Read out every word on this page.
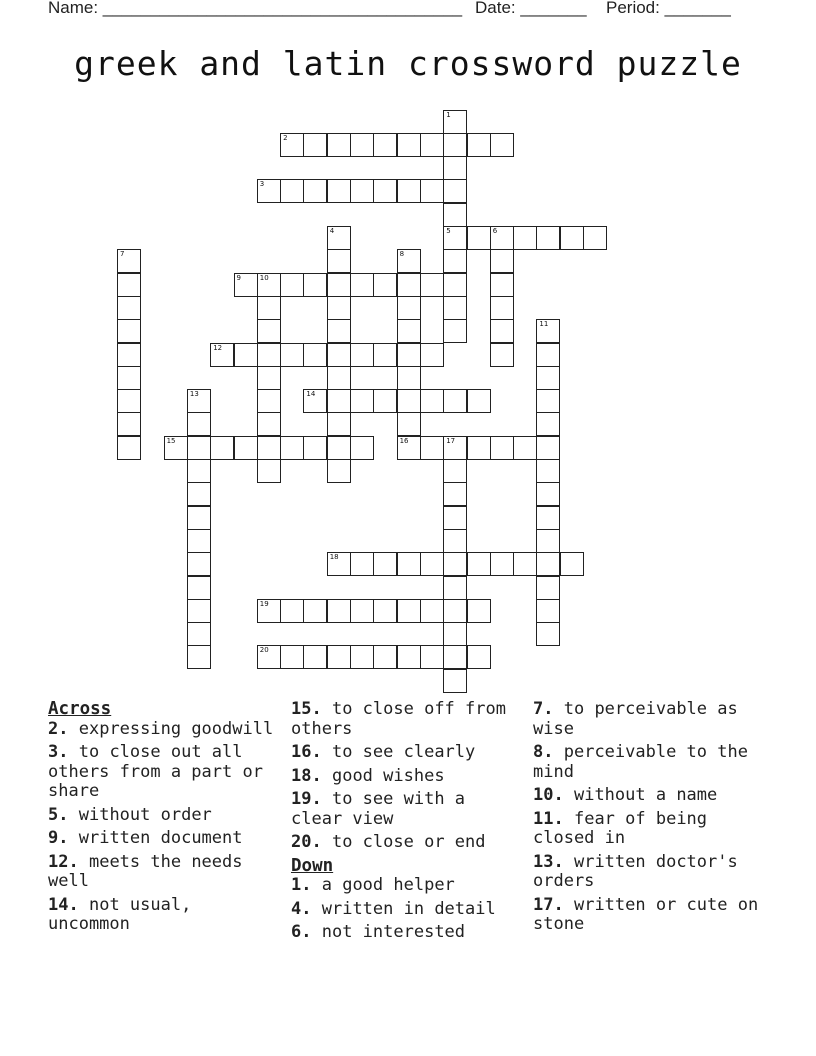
Name: ______________________________________ Date: _______ Period: _______
greek and latin crossword puzzle
2
3
5	6
9	10
12
14
15	16	17
18
19
20
1
4
7	8
11
13
Across
2. expressing goodwill
3. to close out all others from a part or share
5. without order
9. written document
12. meets the needs well
14. not usual, uncommon
15. to close off from others
16. to see clearly
18. good wishes
19. to see with a clear view
20. to close or end
Down
1. a good helper
4. written in detail
6. not interested
7. to perceivable as wise
8. perceivable to the mind
10. without a name
11. fear of being closed in
13. written doctor's orders
17. written or cute on stone
